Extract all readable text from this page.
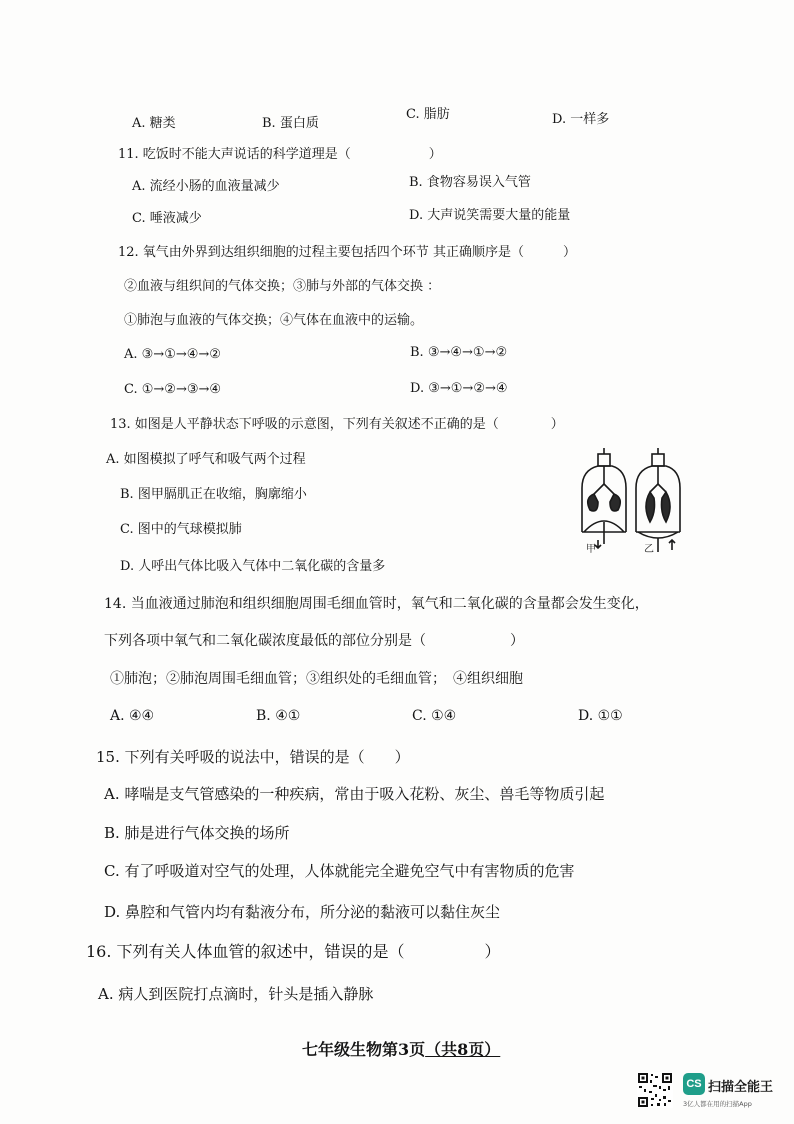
A. 糖类	B. 蛋白质
C. 脂肪	D. 一样多
11. 吃饭时不能大声说话的科学道理是（　　　　　　）
A. 流经小肠的血液量减少	B. 食物容易误入气管
C. 唾液减少	D. 大声说笑需要大量的能量
12. 氧气由外界到达组织细胞的过程主要包括四个环节 其正确顺序是（　　　）
②血液与组织间的气体交换；③肺与外部的气体交换 ：
①肺泡与血液的气体交换；④气体在血液中的运输。
A. ③→①→④→②	B. ③→④→①→②
C. ①→②→③→④	D. ③→①→②→④
13. 如图是人平静状态下呼吸的示意图，下列有关叙述不正确的是（　　　　）
A. 如图模拟了呼气和吸气两个过程
B. 图甲膈肌正在收缩，胸廓缩小
C. 图中的气球模拟肺
D. 人呼出气体比吸入气体中二氧化碳的含量多
甲	乙
14. 当血液通过肺泡和组织细胞周围毛细血管时，氧气和二氧化碳的含量都会发生变化，
下列各项中氧气和二氧化碳浓度最低的部位分别是（　　　　　　）
①肺泡；②肺泡周围毛细血管；③组织处的毛细血管；　④组织细胞
A. ④④	B. ④①	C. ①④	D. ①①
15. 下列有关呼吸的说法中，错误的是（　　）
A. 哮喘是支气管感染的一种疾病，常由于吸入花粉、灰尘、兽毛等物质引起
B. 肺是进行气体交换的场所
C. 有了呼吸道对空气的处理，人体就能完全避免空气中有害物质的危害
D. 鼻腔和气管内均有黏液分布，所分泌的黏液可以黏住灰尘
16. 下列有关人体血管的叙述中，错误的是（　　　　　）
A. 病人到医院打点滴时，针头是插入静脉
七年级生物第3页（共8页）
CS 扫描全能王
3亿人都在用的扫描App
